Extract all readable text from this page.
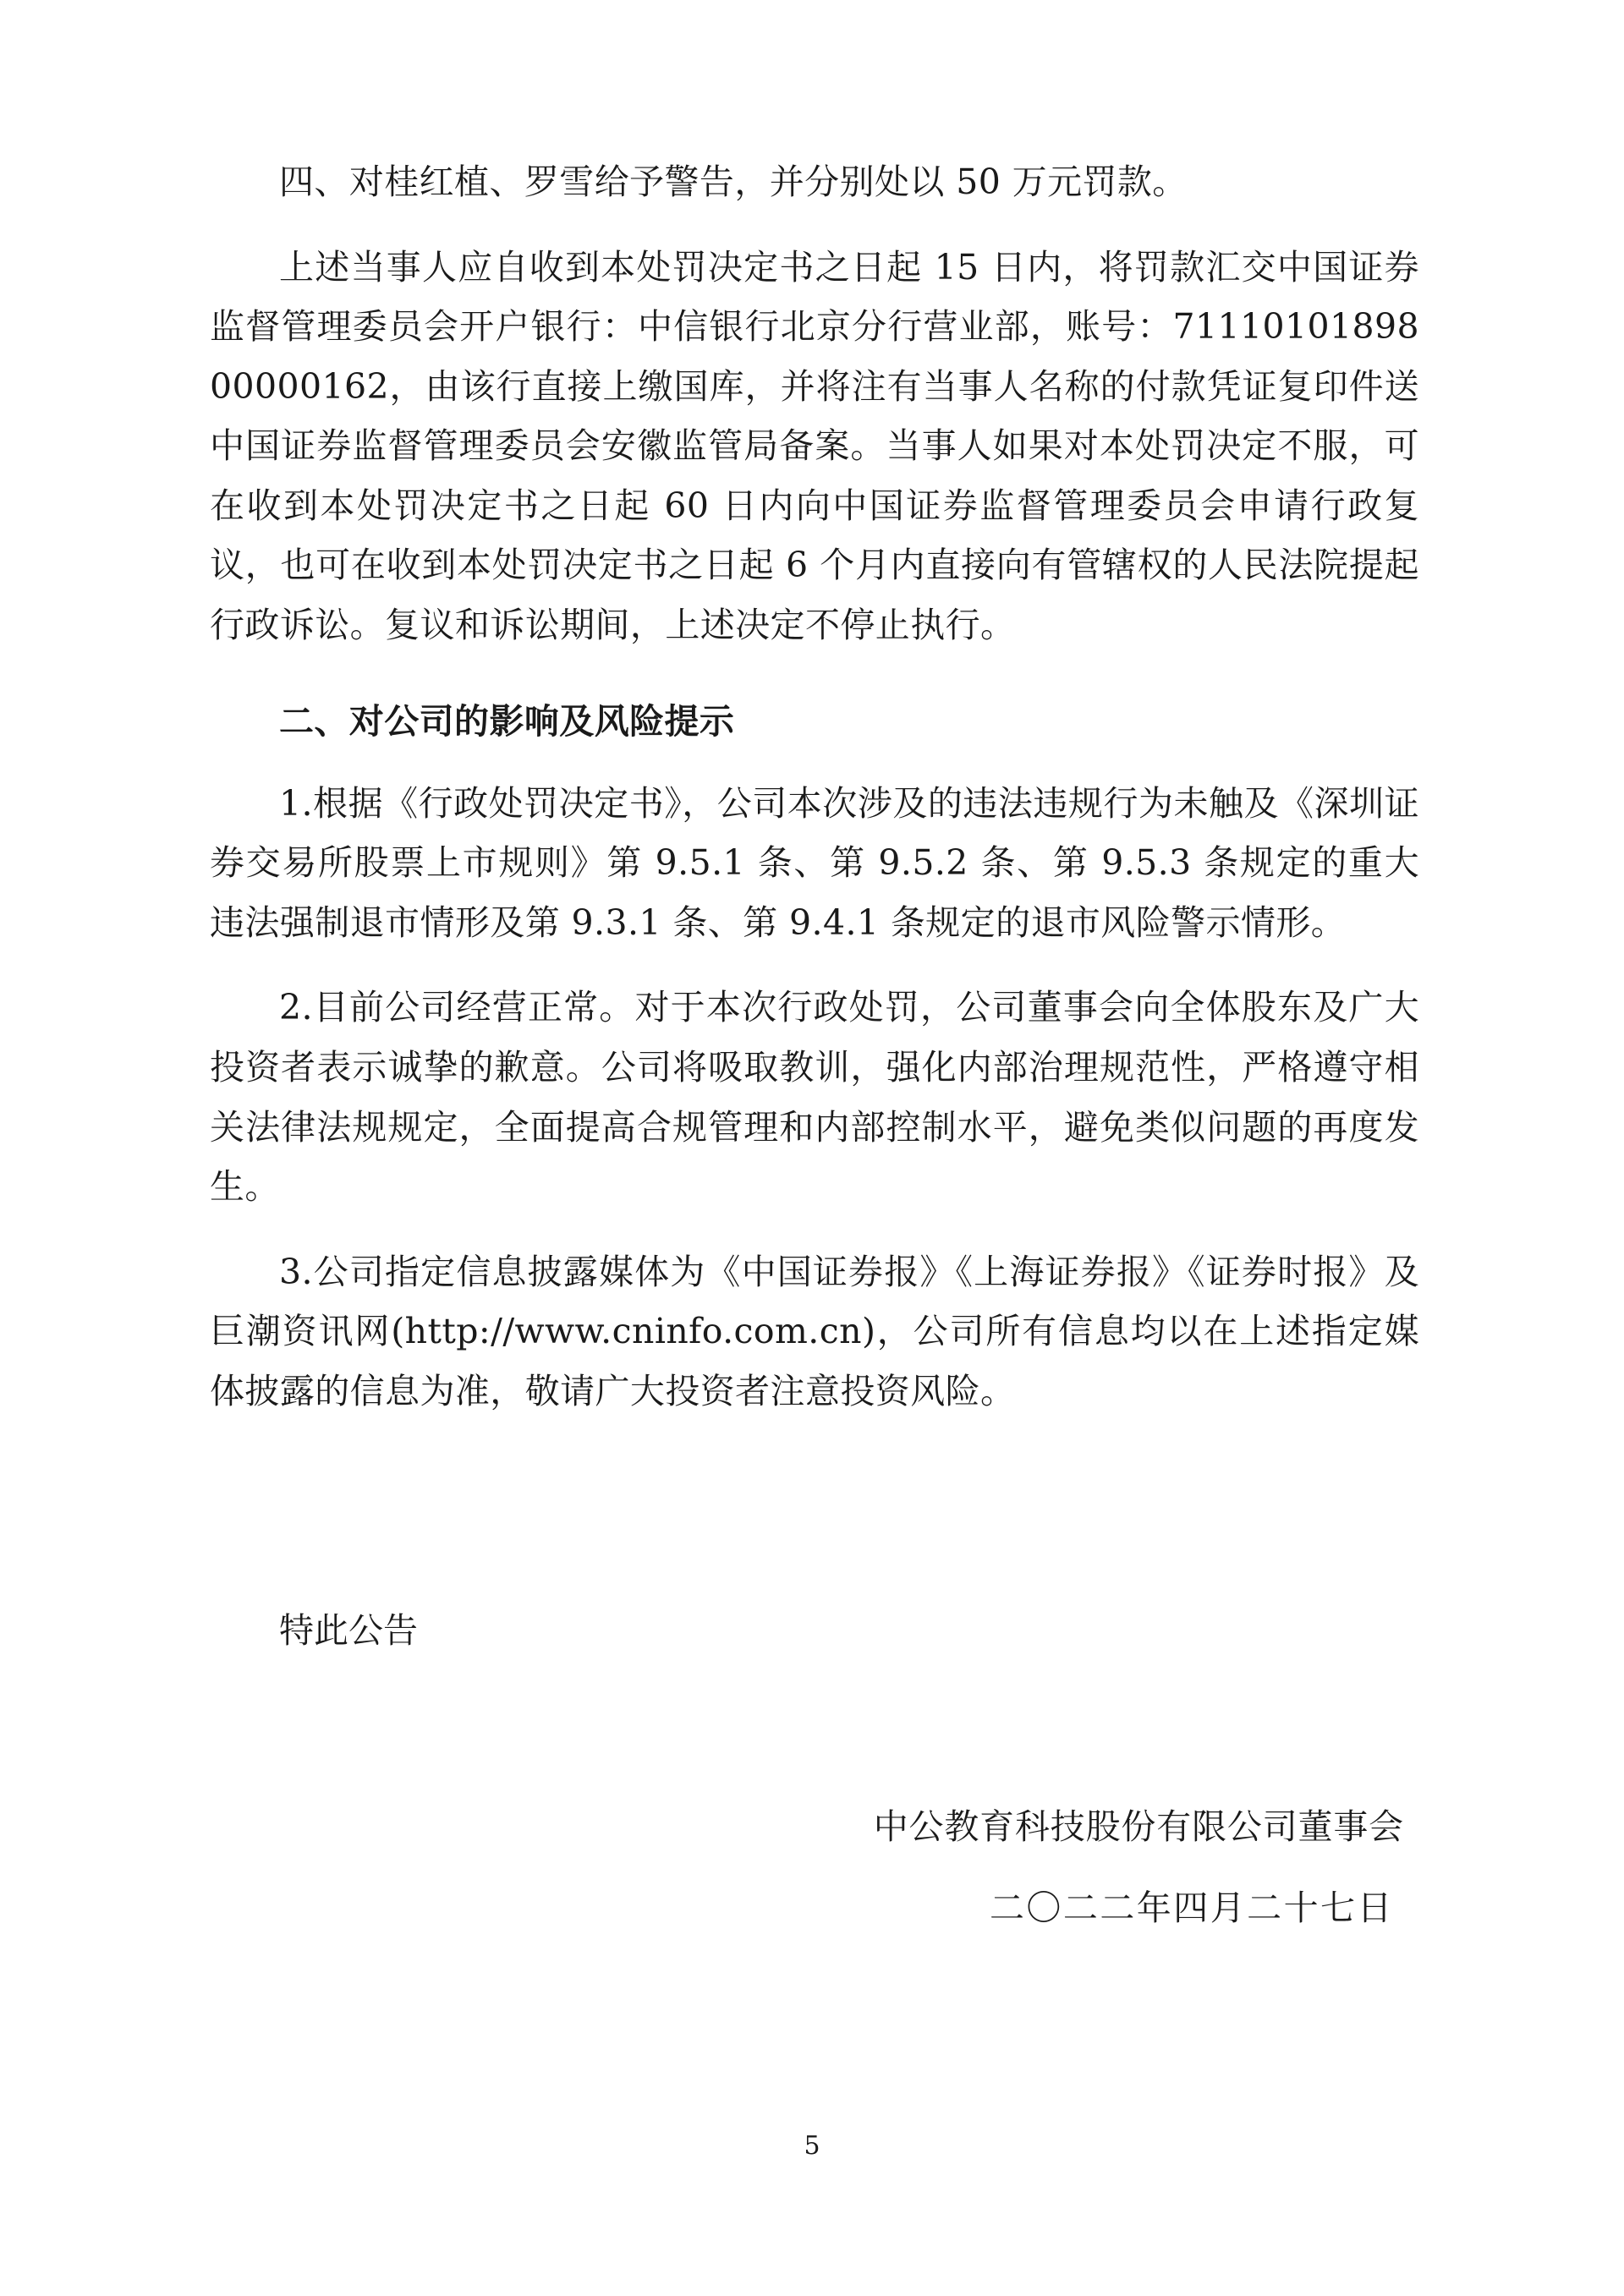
四、对桂红植、罗雪给予警告，并分别处以 50 万元罚款。

上述当事人应自收到本处罚决定书之日起 15 日内，将罚款汇交中国证券监督管理委员会开户银行：中信银行北京分行营业部，账号：7111010189800000162，由该行直接上缴国库，并将注有当事人名称的付款凭证复印件送中国证券监督管理委员会安徽监管局备案。当事人如果对本处罚决定不服，可在收到本处罚决定书之日起 60 日内向中国证券监督管理委员会申请行政复议，也可在收到本处罚决定书之日起 6 个月内直接向有管辖权的人民法院提起行政诉讼。复议和诉讼期间，上述决定不停止执行。

二、对公司的影响及风险提示

1.根据《行政处罚决定书》，公司本次涉及的违法违规行为未触及《深圳证券交易所股票上市规则》第 9.5.1 条、第 9.5.2 条、第 9.5.3 条规定的重大违法强制退市情形及第 9.3.1 条、第 9.4.1 条规定的退市风险警示情形。

2.目前公司经营正常。对于本次行政处罚，公司董事会向全体股东及广大投资者表示诚挚的歉意。公司将吸取教训，强化内部治理规范性，严格遵守相关法律法规规定，全面提高合规管理和内部控制水平，避免类似问题的再度发生。

3.公司指定信息披露媒体为《中国证券报》《上海证券报》《证券时报》及巨潮资讯网(http://www.cninfo.com.cn)，公司所有信息均以在上述指定媒体披露的信息为准，敬请广大投资者注意投资风险。

特此公告

中公教育科技股份有限公司董事会
二〇二二年四月二十七日
5
